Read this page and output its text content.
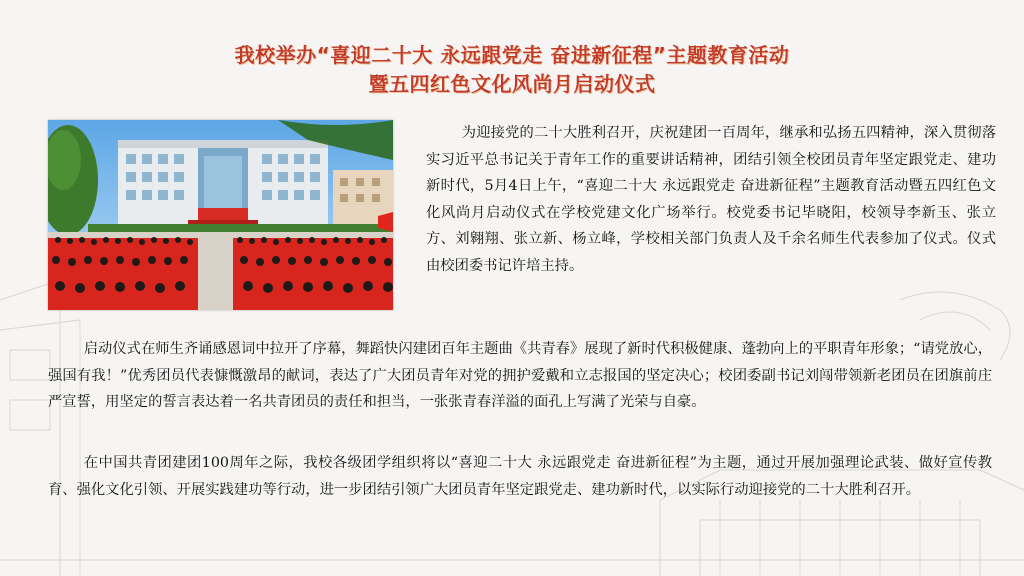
我校举办“喜迎二十大 永远跟党走 奋进新征程”主题教育活动
暨五四红色文化风尚月启动仪式
为迎接党的二十大胜利召开，庆祝建团一百周年，继承和弘扬五四精神，深入贯彻落实习近平总书记关于青年工作的重要讲话精神，团结引领全校团员青年坚定跟党走、建功新时代，5月4日上午，“喜迎二十大 永远跟党走 奋进新征程”主题教育活动暨五四红色文化风尚月启动仪式在学校党建文化广场举行。校党委书记毕晓阳，校领导李新玉、张立方、刘翱翔、张立新、杨立峰，学校相关部门负责人及千余名师生代表参加了仪式。仪式由校团委书记许培主持。
启动仪式在师生齐诵感恩词中拉开了序幕，舞蹈快闪建团百年主题曲《共青春》展现了新时代积极健康、蓬勃向上的平职青年形象；“请党放心，强国有我！”优秀团员代表慷慨激昂的献词，表达了广大团员青年对党的拥护爱戴和立志报国的坚定决心；校团委副书记刘闯带领新老团员在团旗前庄严宣誓，用坚定的誓言表达着一名共青团员的责任和担当，一张张青春洋溢的面孔上写满了光荣与自豪。
在中国共青团建团100周年之际，我校各级团学组织将以“喜迎二十大 永远跟党走 奋进新征程”为主题，通过开展加强理论武装、做好宣传教育、强化文化引领、开展实践建功等行动，进一步团结引领广大团员青年坚定跟党走、建功新时代，以实际行动迎接党的二十大胜利召开。
